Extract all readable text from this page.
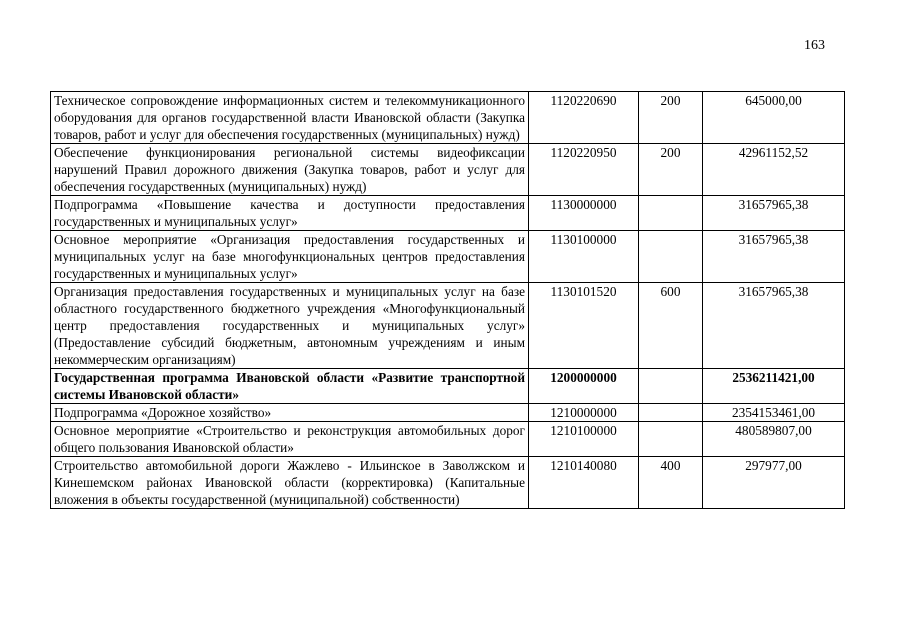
163
Техническое сопровождение информационных систем и телекоммуникационного оборудования для органов государственной власти Ивановской области (Закупка товаров, работ и услуг для обеспечения государственных (муниципальных) нужд)	1120220690	200	645000,00
Обеспечение функционирования региональной системы видеофиксации нарушений Правил дорожного движения (Закупка товаров, работ и услуг для обеспечения государственных (муниципальных) нужд)	1120220950	200	42961152,52
Подпрограмма «Повышение качества и доступности предоставления государственных и муниципальных услуг»	1130000000		31657965,38
Основное мероприятие «Организация предоставления государственных и муниципальных услуг на базе многофункциональных центров предоставления государственных и муниципальных услуг»	1130100000		31657965,38
Организация предоставления государственных и муниципальных услуг на базе областного государственного бюджетного учреждения «Многофункциональный центр предоставления государственных и муниципальных услуг» (Предоставление субсидий бюджетным, автономным учреждениям и иным некоммерческим организациям)	1130101520	600	31657965,38
Государственная программа Ивановской области «Развитие транспортной системы Ивановской области»	1200000000		2536211421,00
Подпрограмма «Дорожное хозяйство»	1210000000		2354153461,00
Основное мероприятие «Строительство и реконструкция автомобильных дорог общего пользования Ивановской области»	1210100000		480589807,00
Строительство автомобильной дороги Жажлево - Ильинское в Заволжском и Кинешемском районах Ивановской области (корректировка) (Капитальные вложения в объекты государственной (муниципальной) собственности)	1210140080	400	297977,00
